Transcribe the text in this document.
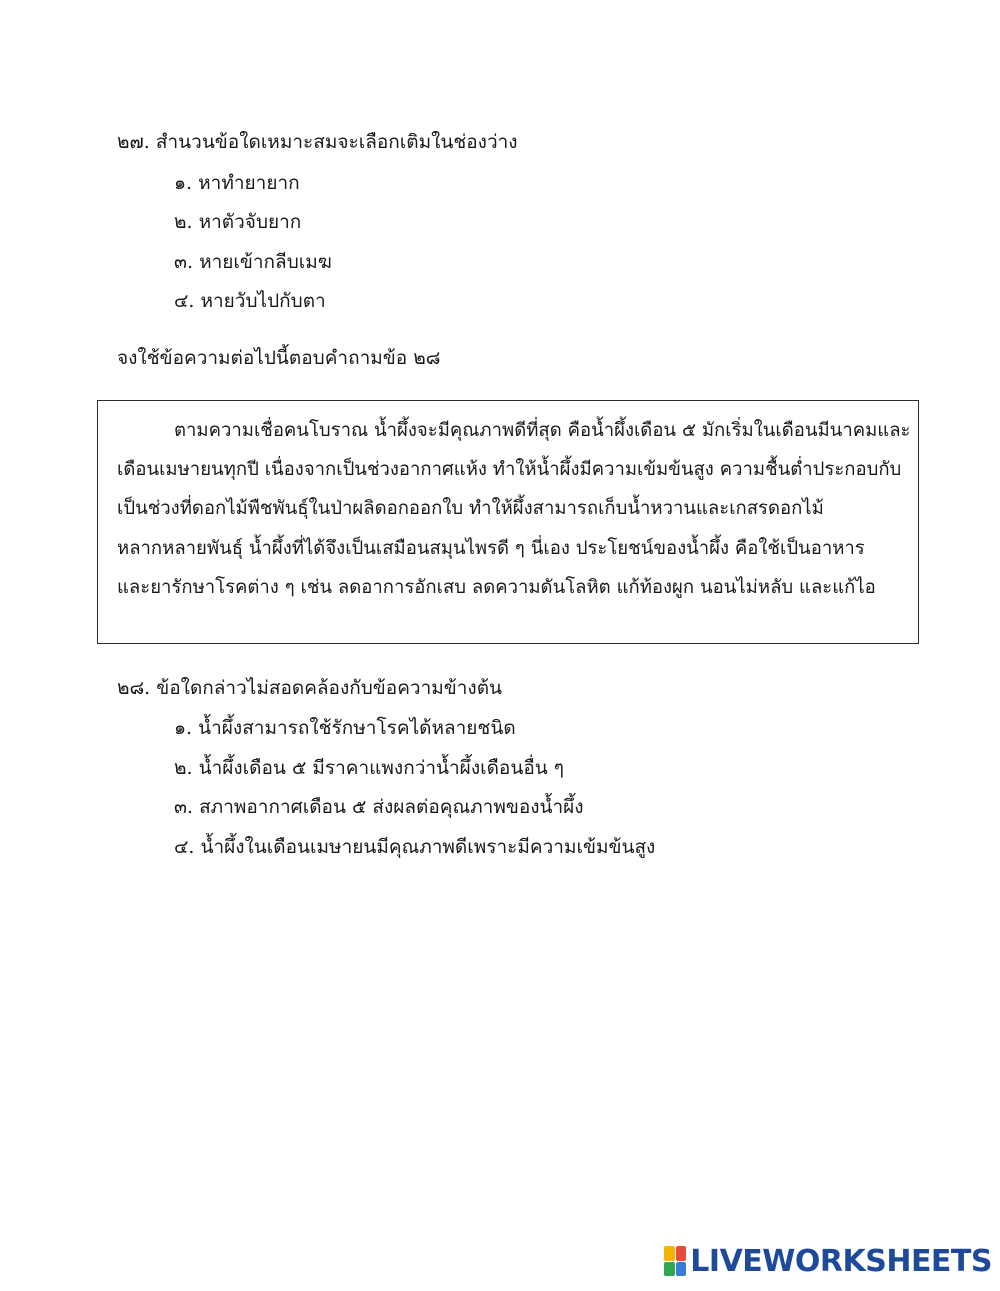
๒๗. สำนวนข้อใดเหมาะสมจะเลือกเติมในช่องว่าง
๑. หาทำยายาก
๒. หาตัวจับยาก
๓. หายเข้ากลีบเมฆ
๔. หายวับไปกับตา
จงใช้ข้อความต่อไปนี้ตอบคำถามข้อ ๒๘
ตามความเชื่อคนโบราณ น้ำผึ้งจะมีคุณภาพดีที่สุด คือน้ำผึ้งเดือน ๕ มักเริ่มในเดือนมีนาคมและ
เดือนเมษายนทุกปี เนื่องจากเป็นช่วงอากาศแห้ง ทำให้น้ำผึ้งมีความเข้มข้นสูง ความชื้นต่ำประกอบกับ
เป็นช่วงที่ดอกไม้พืชพันธุ์ในป่าผลิดอกออกใบ ทำให้ผึ้งสามารถเก็บน้ำหวานและเกสรดอกไม้
หลากหลายพันธุ์ น้ำผึ้งที่ได้จึงเป็นเสมือนสมุนไพรดี ๆ นี่เอง ประโยชน์ของน้ำผึ้ง คือใช้เป็นอาหาร
และยารักษาโรคต่าง ๆ เช่น ลดอาการอักเสบ ลดความดันโลหิต แก้ท้องผูก นอนไม่หลับ และแก้ไอ
๒๘. ข้อใดกล่าวไม่สอดคล้องกับข้อความข้างต้น
๑. น้ำผึ้งสามารถใช้รักษาโรคได้หลายชนิด
๒. น้ำผึ้งเดือน ๕ มีราคาแพงกว่าน้ำผึ้งเดือนอื่น ๆ
๓. สภาพอากาศเดือน ๕ ส่งผลต่อคุณภาพของน้ำผึ้ง
๔. น้ำผึ้งในเดือนเมษายนมีคุณภาพดีเพราะมีความเข้มข้นสูง
LIVEWORKSHEETS
